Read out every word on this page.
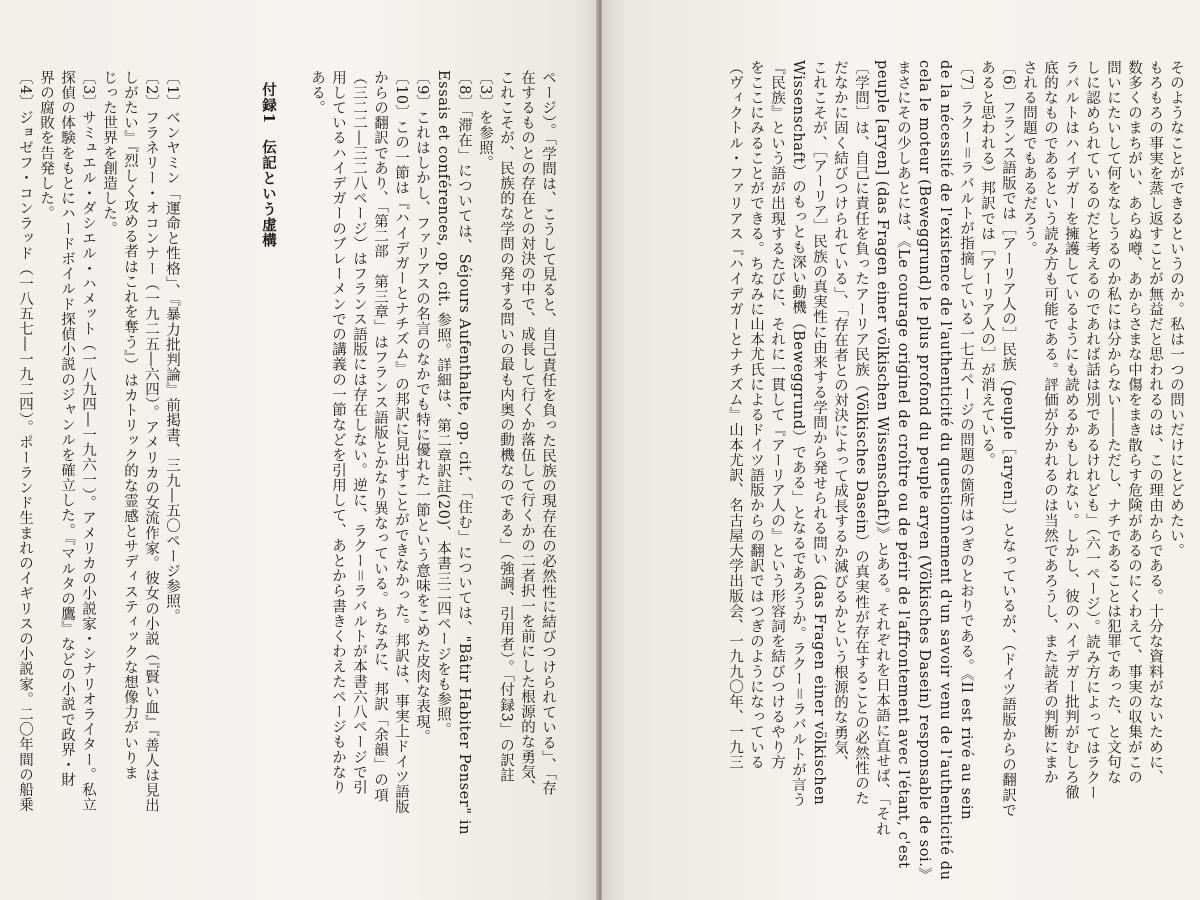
ページ）。「学問は、こうして見ると、自己責任を負った民族の現存在の必然性に結びつけられている」、「存
在するものとの存在との対決の中で、成長して行くか落伍して行くかの二者択一を前にした根源的な勇気、
これこそが、民族的な学問の発する問いの最も内奥の動機なのである」（強調、引用者）。「付録3」の訳註
〔3〕を参照。
〔8〕「滞在」については、Séjours Aufenthalte, op. cit.、「住む」については、"Bâtir Habiter Penser" in
Essais et conférences, op. cit. 参照。詳細は、第二章訳註(20)、本書三二四ページをも参照。
〔9〕これはしかし、ファリアスの名言のなかでも特に優れた一節という意味をこめた皮肉な表現。
〔10〕この一節は『ハイデガーとナチズム』の邦訳に見出すことができなかった。邦訳は、事実上ドイツ語版
からの翻訳であり、「第二部　第三章」はフランス語版とかなり異なっている。ちなみに、邦訳「余韻」の項
（三二二―三二八ページ）はフランス語版には存在しない。逆に、ラクー＝ラバルトが本書六八ページで引
用しているハイデガーのブレーメンでの講義の一節などを引用して、あとから書きくわえたページもかなり
ある。
付録1　伝記という虚構
〔1〕ベンヤミン「運命と性格」、『暴力批判論』前掲書、三九―五〇ページ参照。
〔2〕フラネリー・オコンナー（一九二五―六四）。アメリカの女流作家。彼女の小説（『賢い血』『善人は見出
しがたい』『烈しく攻める者はこれを奪う』）はカトリック的な霊感とサディスティックな想像力がいりま
じった世界を創造した。
〔3〕サミュエル・ダシエル・ハメット（一八九四―一九六一）。アメリカの小説家・シナリオライター。私立
探偵の体験をもとにハードボイルド探偵小説のジャンルを確立した。『マルタの鷹』などの小説で政界・財
界の腐敗を告発した。
〔4〕ジョゼフ・コンラッド（一八五七―一九二四）。ポーランド生まれのイギリスの小説家。二〇年間の船乗	そのようなことができるというのか。私は一つの問いだけにとどめたい。
もろもろの事実を蒸し返すことが無益だと思われるのは、この理由からである。十分な資料がないために、
数多くのまちがい、あらぬ噂、あからさまな中傷をまき散らす危険があるのにくわえて、事実の収集がこの
問いにたいして何をなしうるのか私には分からない――ただし、ナチであることは犯罪であった、と文句な
しに認められているのだと考えるのであれば話は別であるけれども」（六一ページ）。読み方によってはラクー
ラバルトはハイデガーを擁護しているようにも読めるかもしれない。しかし、彼のハイデガー批判がむしろ徹
底的なものであるという読み方も可能である。評価が分かれるのは当然であろうし、また読者の判断にまか
される問題でもあるだろう。
〔6〕フランス語版では［アーリア人の］民族（peuple［aryen］）となっているが、（ドイツ語版からの翻訳で
あると思われる）邦訳では［アーリア人の］が消えている。
〔7〕ラクー＝ラバルトが指摘している一七五ページの問題の箇所はつぎのとおりである。《Il est rivé au sein
de la nécessité de l'existence de l'authenticité du questionnement d'un savoir venu de l'authenticité du
cela le moteur (Beweggrund) le plus profond du peuple aryen (Völkisches Dasein) responsable de soi.》
まさにその少しあとには、《Le courage originel de croître ou de périr de l'affrontement avec l'étant, c'est
peuple [aryen] (das Fragen einer völkischen Wissenschaft)》とある。それぞれを日本語に直せば、「それ
〔学問〕は、自己に責任を負ったアーリア民族（Völkisches Dasein）の真実性が存在することの必然性のた
だなかに固く結びつけられている」、「存在者との対決によって成長するか滅びるかという根源的な勇気、
これこそが、［アーリア］民族の真実性に由来する学問から発せられる問い（das Fragen einer völkischen
Wissenschaft）のもっとも深い動機（Beweggrund）である」となるであろうか。ラクー＝ラバルトが言う
『民族』という語が出現するたびに、それに一貫して『アーリア人の』という形容詞を結びつけるやり方
をここにみることができる。ちなみに山本尤氏によるドイツ語版からの翻訳ではつぎのようになっている
（ヴィクトル・ファリアス『ハイデガーとナチズム』山本尤訳、名古屋大学出版会、一九九〇年、一九三
